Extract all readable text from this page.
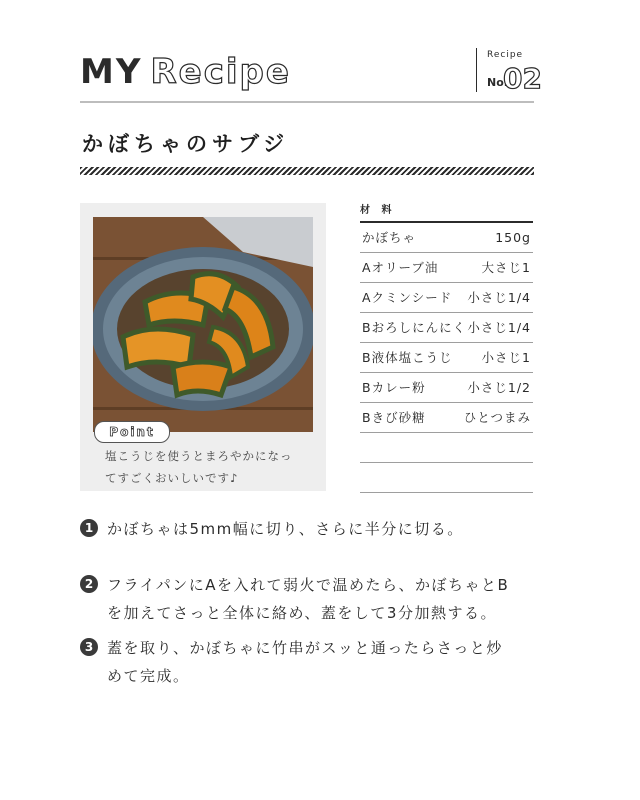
MY Recipe	Recipe
No.
02
かぼちゃのサブジ
Point
塩こうじを使うとまろやかになっ
てすごくおいしいです♪
材 料
かぼちゃ	150g
Aオリーブ油	大さじ1
Aクミンシード 小さじ1/4
Bおろしにんにく 小さじ1/4
B液体塩こうじ 小さじ1
Bカレー粉	小さじ1/2
Bきび砂糖	ひとつまみ
1 かぼちゃは5mm幅に切り、さらに半分に切る。
2 フライパンにAを入れて弱火で温めたら、かぼちゃとB
を加えてさっと全体に絡め、蓋をして3分加熱する。
3 蓋を取り、かぼちゃに竹串がスッと通ったらさっと炒
めて完成。
